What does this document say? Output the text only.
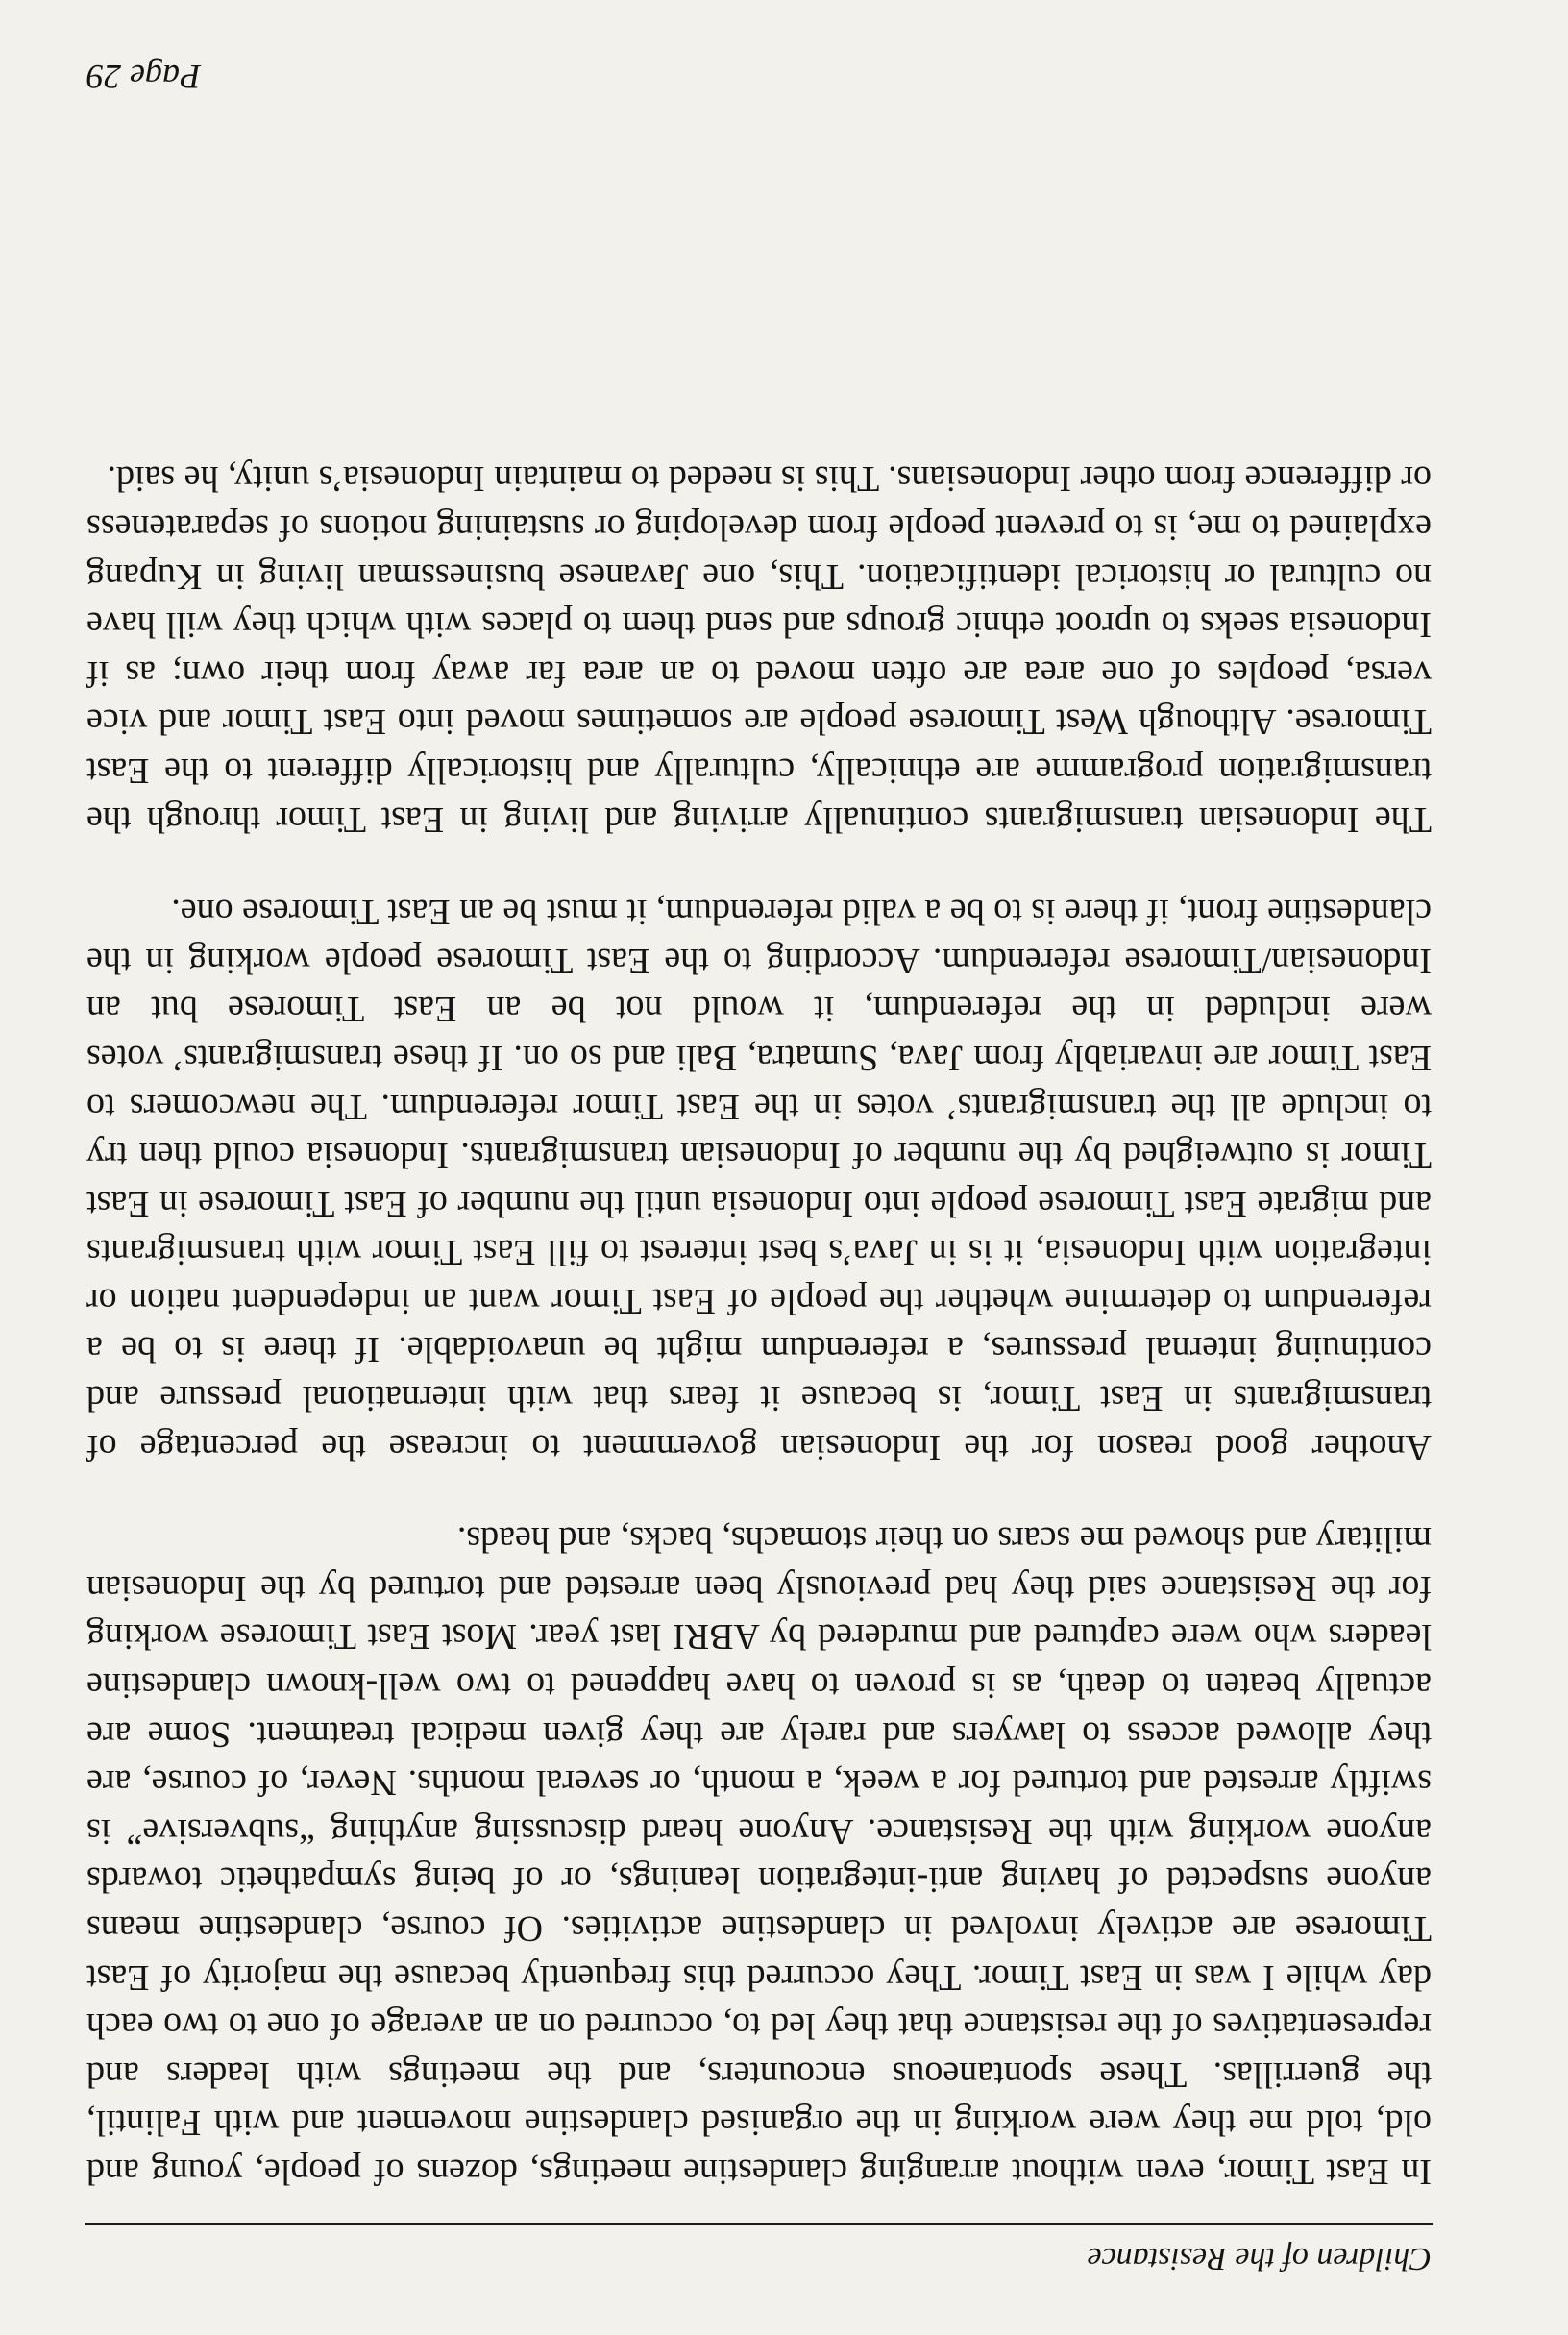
Children of the Resistance

In East Timor, even without arranging clandestine meetings, dozens of people, young and old, told me they were working in the organised clandestine movement and with Falintil, the guerrillas. These spontaneous encounters, and the meetings with leaders and representatives of the resistance that they led to, occurred on an average of one to two each day while I was in East Timor. They occurred this frequently because the majority of East Timorese are actively involved in clandestine activities. Of course, clandestine means anyone suspected of having anti-integration leanings, or of being sympathetic towards anyone working with the Resistance. Anyone heard discussing anything “subversive” is swiftly arrested and tortured for a week, a month, or several months. Never, of course, are they allowed access to lawyers and rarely are they given medical treatment. Some are actually beaten to death, as is proven to have happened to two well-known clandestine leaders who were captured and murdered by ABRI last year. Most East Timorese working for the Resistance said they had previously been arrested and tortured by the Indonesian military and showed me scars on their stomachs, backs, and heads.

Another good reason for the Indonesian government to increase the percentage of transmigrants in East Timor, is because it fears that with international pressure and continuing internal pressures, a referendum might be unavoidable. If there is to be a referendum to determine whether the people of East Timor want an independent nation or integration with Indonesia, it is in Java’s best interest to fill East Timor with transmigrants and migrate East Timorese people into Indonesia until the number of East Timorese in East Timor is outweighed by the number of Indonesian transmigrants. Indonesia could then try to include all the transmigrants’ votes in the East Timor referendum. The newcomers to East Timor are invariably from Java, Sumatra, Bali and so on. If these transmigrants’ votes were included in the referendum, it would not be an East Timorese but an Indonesian/Timorese referendum. According to the East Timorese people working in the clandestine front, if there is to be a valid referendum, it must be an East Timorese one.

The Indonesian transmigrants continually arriving and living in East Timor through the transmigration programme are ethnically, culturally and historically different to the East Timorese. Although West Timorese people are sometimes moved into East Timor and vice versa, peoples of one area are often moved to an area far away from their own; as if Indonesia seeks to uproot ethnic groups and send them to places with which they will have no cultural or historical identification. This, one Javanese businessman living in Kupang explained to me, is to prevent people from developing or sustaining notions of separateness or difference from other Indonesians. This is needed to maintain Indonesia’s unity, he said.

Page 29
